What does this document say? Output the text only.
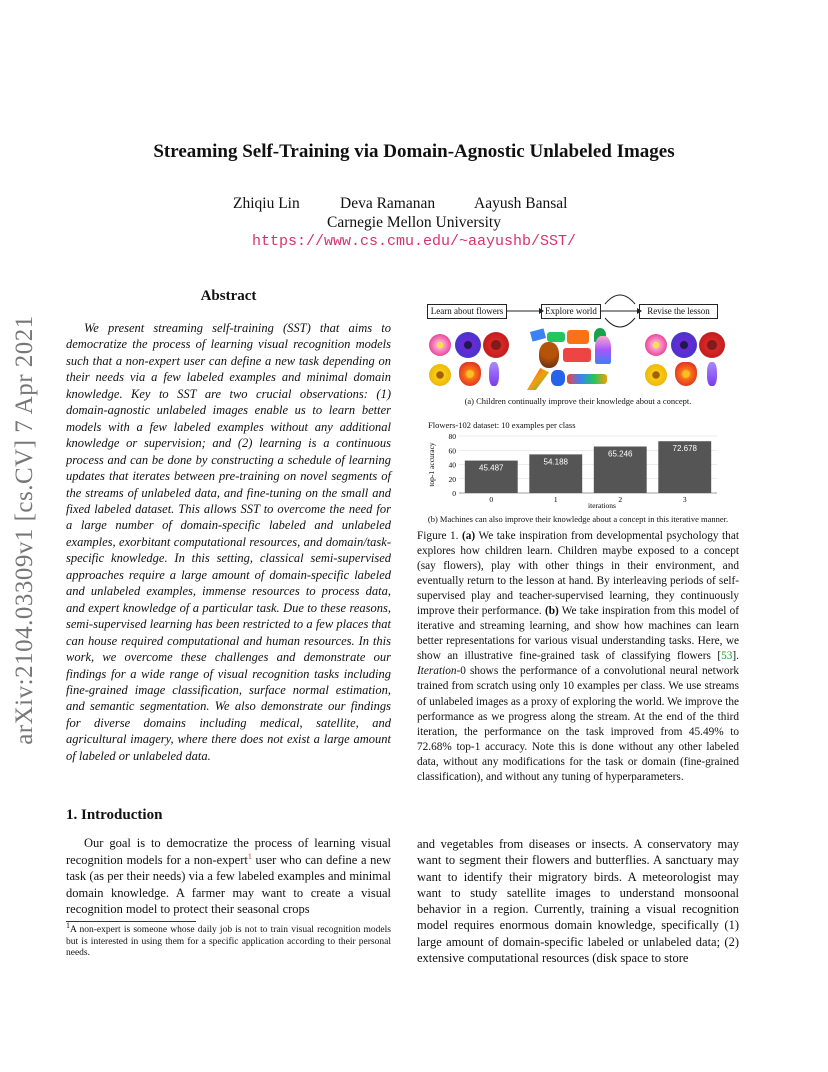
Streaming Self-Training via Domain-Agnostic Unlabeled Images
Zhiqiu Lin	Deva Ramanan	Aayush Bansal
Carnegie Mellon University
https://www.cs.cmu.edu/~aayushb/SST/
arXiv:2104.03309v1 [cs.CV] 7 Apr 2021
Abstract
We present streaming self-training (SST) that aims to democratize the process of learning visual recognition models such that a non-expert user can define a new task depending on their needs via a few labeled examples and minimal domain knowledge. Key to SST are two crucial observations: (1) domain-agnostic unlabeled images enable us to learn better models with a few labeled examples without any additional knowledge or supervision; and (2) learning is a continuous process and can be done by constructing a schedule of learning updates that iterates between pre-training on novel segments of the streams of unlabeled data, and fine-tuning on the small and fixed labeled dataset. This allows SST to overcome the need for a large number of domain-specific labeled and unlabeled examples, exorbitant computational resources, and domain/task-specific knowledge. In this setting, classical semi-supervised approaches require a large amount of domain-specific labeled and unlabeled examples, immense resources to process data, and expert knowledge of a particular task. Due to these reasons, semi-supervised learning has been restricted to a few places that can house required computational and human resources. In this work, we overcome these challenges and demonstrate our findings for a wide range of visual recognition tasks including fine-grained image classification, surface normal estimation, and semantic segmentation. We also demonstrate our findings for diverse domains including medical, satellite, and agricultural imagery, where there does not exist a large amount of labeled or unlabeled data.
1. Introduction
Our goal is to democratize the process of learning visual recognition models for a non-expert$^1$ user who can define a new task (as per their needs) via a few labeled examples and minimal domain knowledge. A farmer may want to create a visual recognition model to protect their seasonal crops
$^1$A non-expert is someone whose daily job is not to train visual recognition models but is interested in using them for a specific application according to their personal needs.
and vegetables from diseases or insects. A conservatory may want to segment their flowers and butterflies. A sanctuary may want to identify their migratory birds. A meteorologist may want to study satellite images to understand monsoonal behavior in a region. Currently, training a visual recognition model requires enormous domain knowledge, specifically (1) large amount of domain-specific labeled or unlabeled data; (2) extensive computational resources (disk space to store
Learn about flowers	Explore world	Revise the lesson
(a) Children continually improve their knowledge about a concept.
Flowers-102 dataset: 10 examples per class
top-1 accuracy
0
20
40
60
80
45.487
0
54.188
1
65.246
2
72.678
3
iterations
(b) Machines can also improve their knowledge about a concept in this iterative manner.
Figure 1. (a) We take inspiration from developmental psychology that explores how children learn. Children maybe exposed to a concept (say flowers), play with other things in their environment, and eventually return to the lesson at hand. By interleaving periods of self-supervised play and teacher-supervised learning, they continuously improve their performance. (b) We take inspiration from this model of iterative and streaming learning, and show how machines can learn better representations for various visual understanding tasks. Here, we show an illustrative fine-grained task of classifying flowers [53]. Iteration-0 shows the performance of a convolutional neural network trained from scratch using only 10 examples per class. We use streams of unlabeled images as a proxy of exploring the world. We improve the performance as we progress along the stream. At the end of the third iteration, the performance on the task improved from 45.49% to 72.68% top-1 accuracy. Note this is done without any other labeled data, without any modifications for the task or domain (fine-grained classification), and without any tuning of hyperparameters.
